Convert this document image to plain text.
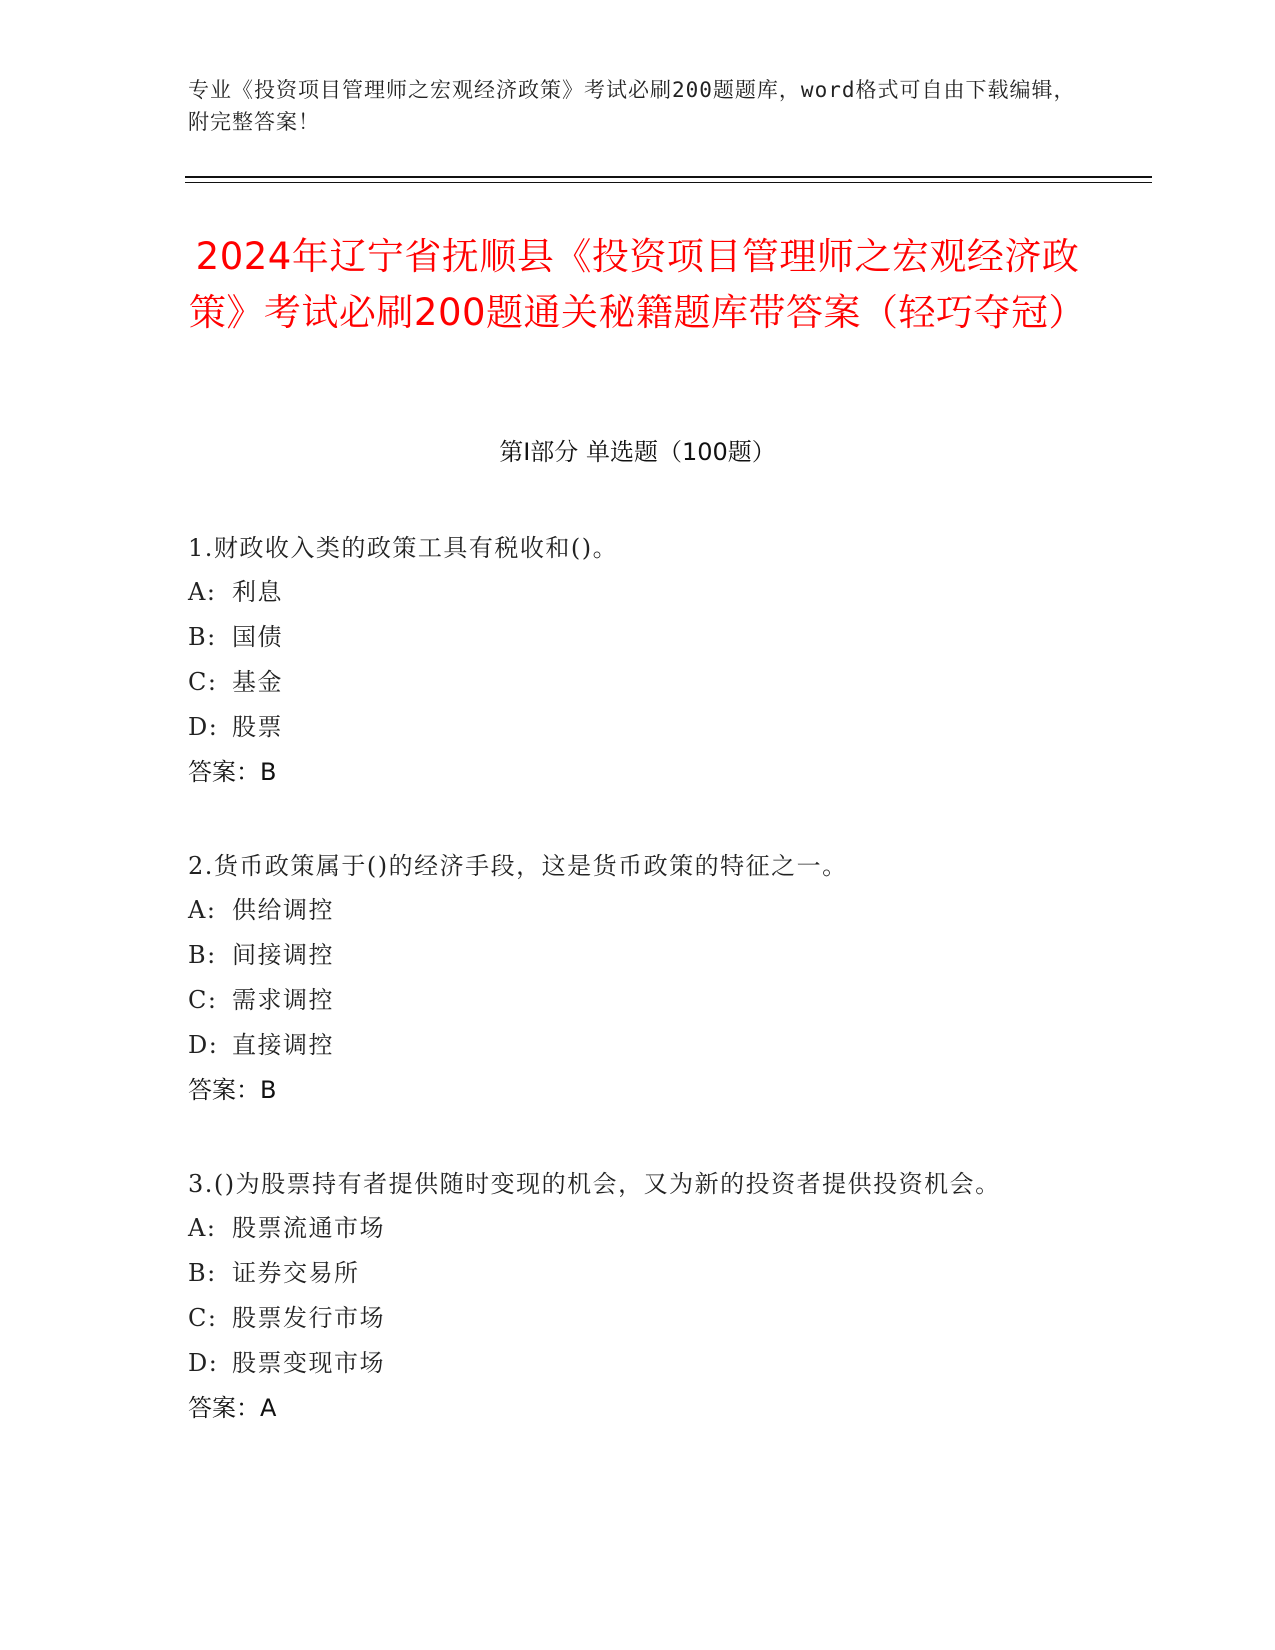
专业《投资项目管理师之宏观经济政策》考试必刷200题题库，word格式可自由下载编辑，附完整答案！
2024年辽宁省抚顺县《投资项目管理师之宏观经济政策》考试必刷200题通关秘籍题库带答案（轻巧夺冠）
第Ⅰ部分 单选题（100题）

1.财政收入类的政策工具有税收和()。

A: 利息
B: 国债
C: 基金
D: 股票
答案：B

2.货币政策属于()的经济手段，这是货币政策的特征之一。

A: 供给调控
B: 间接调控
C: 需求调控
D: 直接调控
答案：B

3.()为股票持有者提供随时变现的机会，又为新的投资者提供投资机会。

A: 股票流通市场
B: 证券交易所
C: 股票发行市场
D: 股票变现市场
答案：A
